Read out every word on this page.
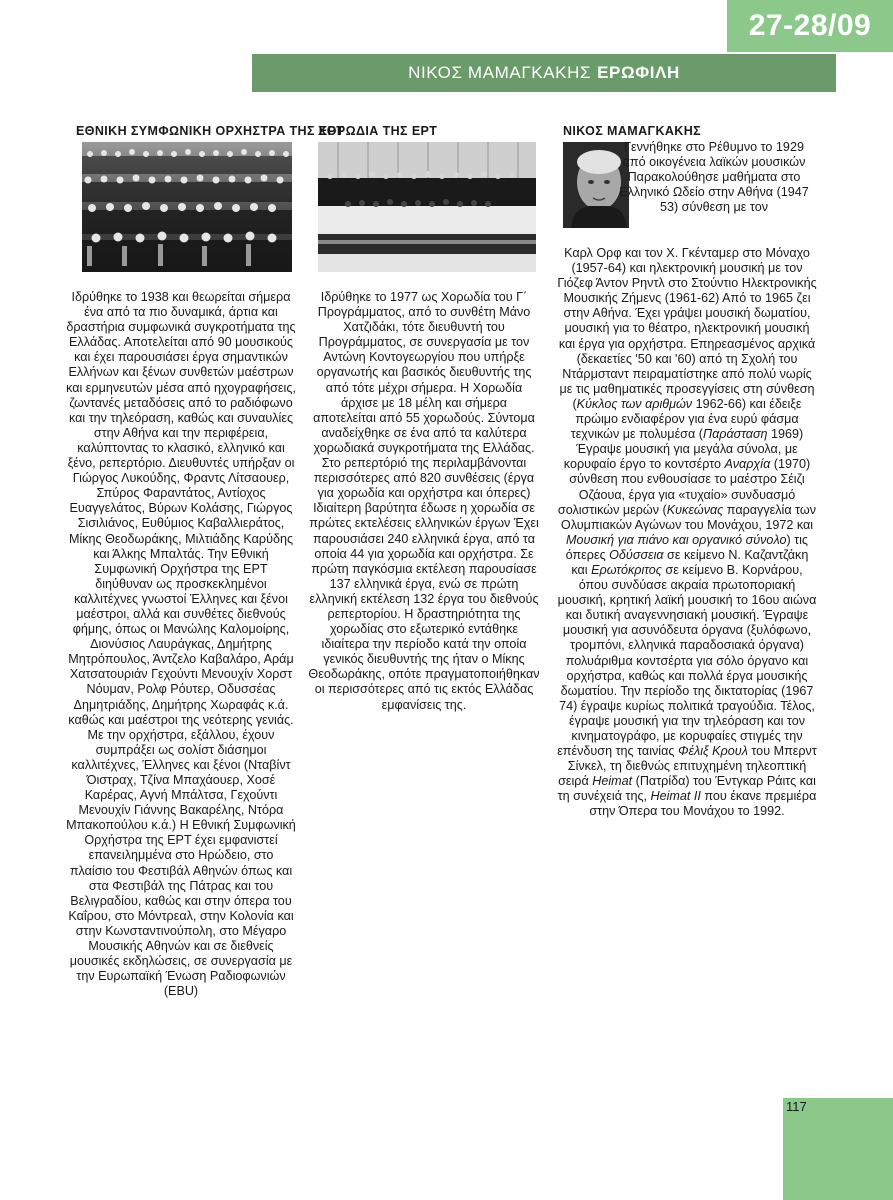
27-28/09
ΝΙΚΟΣ ΜΑΜΑΓΚΑΚΗΣ ΕΡΩΦΙΛΗ
ΕΘΝΙΚΗ ΣΥΜΦΩΝΙΚΗ ΟΡΧΗΣΤΡΑ ΤΗΣ ΕΡΤ

Ιδρύθηκε το 1938 και θεωρείται σήμερα ένα από τα πιο δυναμικά, άρτια και δραστήρια συμφωνικά συγκροτήματα της Ελλάδας. Αποτελείται από 90 μουσικούς και έχει παρουσιάσει έργα σημαντικών Ελλήνων και ξένων συνθετών μαέστρων και ερμηνευτών μέσα από ηχογραφήσεις, ζωντανές μεταδόσεις από το ραδιόφωνο και την τηλεόραση, καθώς και συναυλίες στην Αθήνα και την περιφέρεια, καλύπτοντας το κλασικό, ελληνικό και ξένο, ρεπερτόριο. Διευθυντές υπήρξαν οι Γιώργος Λυκούδης, Φραντς Λίτσαουερ, Σπύρος Φαραντάτος, Αντίοχος Ευαγγελάτος, Βύρων Κολάσης, Γιώργος Σισιλιάνος, Ευθύμιος Καβαλλιεράτος, Μίκης Θεοδωράκης, Μιλτιάδης Καρύδης και Άλκης Μπαλτάς. Την Εθνική Συμφωνική Ορχήστρα της ΕΡΤ διηύθυναν ως προσκεκλημένοι καλλιτέχνες γνωστοί Έλληνες και ξένοι μαέστροι, αλλά και συνθέτες διεθνούς φήμης, όπως οι Μανώλης Καλομοίρης, Διονύσιος Λαυράγκας, Δημήτρης Μητρόπουλος, Άντζελο Καβαλάρο, Αράμ Χατσατουριάν Γεχούντι Μενουχίν Χορστ Νόυμαν, Ρολφ Ρόυτερ, Οδυσσέας Δημητριάδης, Δημήτρης Χωραφάς κ.ά. καθώς και μαέστροι της νεότερης γενιάς. Με την ορχήστρα, εξάλλου, έχουν συμπράξει ως σολίστ διάσημοι καλλιτέχνες, Έλληνες και ξένοι (Νταβίντ Όιστραχ, Τζίνα Μπαχάουερ, Χοσέ Καρέρας, Αγνή Μπάλτσα, Γεχούντι Μενουχίν Γιάννης Βακαρέλης, Ντόρα Μπακοπούλου κ.ά.) Η Εθνική Συμφωνική Ορχήστρα της ΕΡΤ έχει εμφανιστεί επανειλημμένα στο Ηρώδειο, στο πλαίσιο του Φεστιβάλ Αθηνών όπως και στα Φεστιβάλ της Πάτρας και του Βελιγραδίου, καθώς και στην όπερα του Καΐρου, στο Μόντρεαλ, στην Κολονία και στην Κωνσταντινούπολη, στο Μέγαρο Μουσικής Αθηνών και σε διεθνείς μουσικές εκδηλώσεις, σε συνεργασία με την Ευρωπαϊκή Ένωση Ραδιοφωνιών (EBU)

ΧΟΡΩΔΙΑ ΤΗΣ ΕΡΤ

Ιδρύθηκε το 1977 ως Χορωδία του Γ΄ Προγράμματος, από το συνθέτη Μάνο Χατζιδάκι, τότε διευθυντή του Προγράμματος, σε συνεργασία με τον Αντώνη Κοντογεωργίου που υπήρξε οργανωτής και βασικός διευθυντής της από τότε μέχρι σήμερα. Η Χορωδία άρχισε με 18 μέλη και σήμερα αποτελείται από 55 χορωδούς. Σύντομα αναδείχθηκε σε ένα από τα καλύτερα χορωδιακά συγκροτήματα της Ελλάδας. Στο ρεπερτόριό της περιλαμβάνονται περισσότερες από 820 συνθέσεις (έργα για χορωδία και ορχήστρα και όπερες) Ιδιαίτερη βαρύτητα έδωσε η χορωδία σε πρώτες εκτελέσεις ελληνικών έργων Έχει παρουσιάσει 240 ελληνικά έργα, από τα οποία 44 για χορωδία και ορχήστρα. Σε πρώτη παγκόσμια εκτέλεση παρουσίασε 137 ελληνικά έργα, ενώ σε πρώτη ελληνική εκτέλεση 132 έργα του διεθνούς ρεπερτορίου. Η δραστηριότητα της χορωδίας στο εξωτερικό εντάθηκε ιδιαίτερα την περίοδο κατά την οποία γενικός διευθυντής της ήταν ο Μίκης Θεοδωράκης, οπότε πραγματοποιήθηκαν οι περισσότερες από τις εκτός Ελλάδας εμφανίσεις της.

ΝΙΚΟΣ ΜΑΜΑΓΚΑΚΗΣ
Γεννήθηκε στο Ρέθυμνο το 1929 από οικογένεια λαϊκών μουσικών Παρακολούθησε μαθήματα στο Ελληνικό Ωδείο στην Αθήνα (1947 53) σύνθεση με τον

Καρλ Ορφ και τον Χ. Γκένταμερ στο Μόναχο (1957-64) και ηλεκτρονική μουσική με τον Γιόζεφ Άντον Ρηντλ στο Στούντιο Ηλεκτρονικής Μουσικής Ζήμενς (1961-62) Από το 1965 ζει στην Αθήνα. Έχει γράψει μουσική δωματίου, μουσική για το θέατρο, ηλεκτρονική μουσική και έργα για ορχήστρα. Επηρεασμένος αρχικά (δεκαετίες '50 και '60) από τη Σχολή του Ντάρμσταντ πειραματίστηκε από πολύ νωρίς με τις μαθηματικές προσεγγίσεις στη σύνθεση (Κύκλος των αριθμών 1962-66) και έδειξε πρώιμο ενδιαφέρον για ένα ευρύ φάσμα τεχνικών με πολυμέσα (Παράσταση 1969) Έγραψε μουσική για μεγάλα σύνολα, με κορυφαίο έργο το κοντσέρτο Αναρχία (1970) σύνθεση που ενθουσίασε το μαέστρο Σέιζι Οζάουα, έργα για «τυχαίο» συνδυασμό σολιστικών μερών (Κυκεώνας παραγγελία των Ολυμπιακών Αγώνων του Μονάχου, 1972 και Μουσική για πιάνο και οργανικό σύνολο) τις όπερες Οδύσσεια σε κείμενο Ν. Καζαντζάκη και Ερωτόκριτος σε κείμενο Β. Κορνάρου, όπου συνδύασε ακραία πρωτοποριακή μουσική, κρητική λαϊκή μουσική το 16ου αιώνα και δυτική αναγεννησιακή μουσική. Έγραψε μουσική για ασυνόδευτα όργανα (ξυλόφωνο, τρομπόνι, ελληνικά παραδοσιακά όργανα) πολυάριθμα κοντσέρτα για σόλο όργανο και ορχήστρα, καθώς και πολλά έργα μουσικής δωματίου. Την περίοδο της δικτατορίας (1967 74) έγραψε κυρίως πολιτικά τραγούδια. Τέλος, έγραψε μουσική για την τηλεόραση και τον κινηματογράφο, με κορυφαίες στιγμές την επένδυση της ταινίας Φέλιξ Κρουλ του Μπερντ Σίνκελ, τη διεθνώς επιτυχημένη τηλεοπτική σειρά Heimat (Πατρίδα) του Έντγκαρ Ράιτς και τη συνέχειά της, Heimat II που έκανε πρεμιέρα στην Όπερα του Μονάχου το 1992.

117
